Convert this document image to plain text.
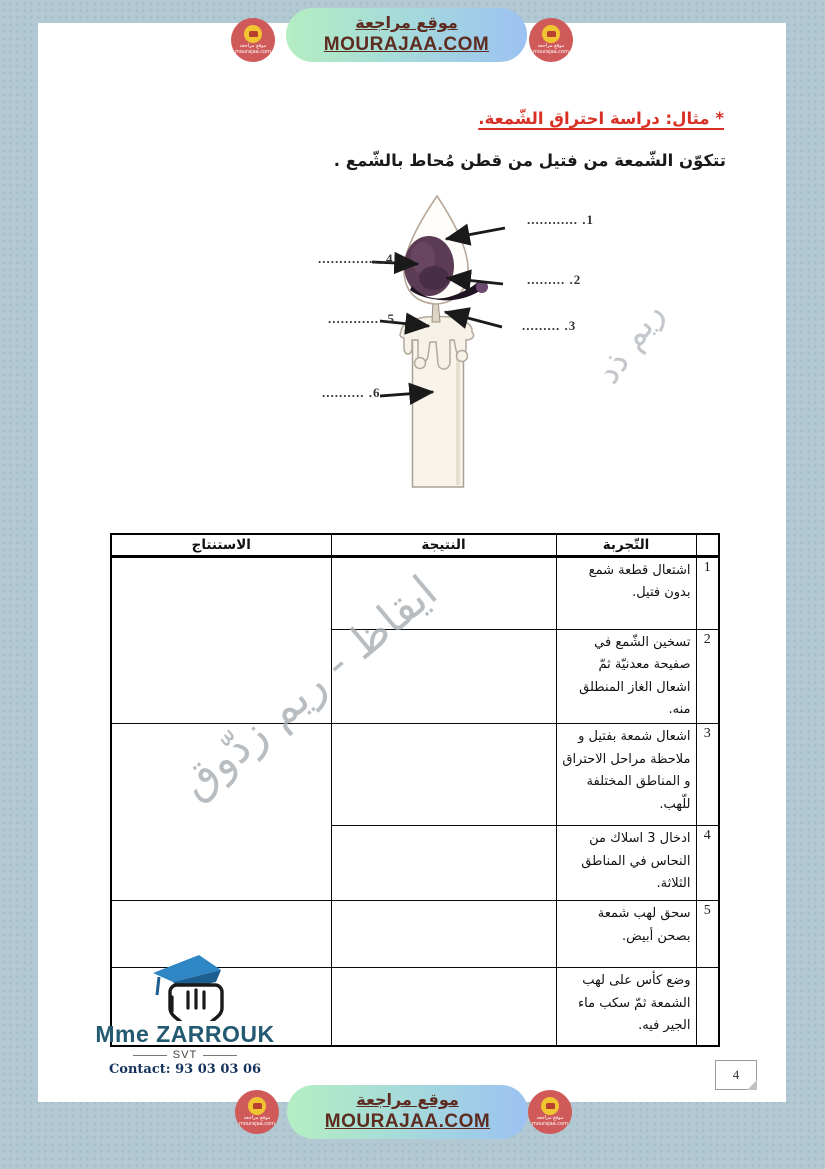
موقع مراجعة
mourajaa.com
موقع مراجعة
MOURAJAA.COM	موقع مراجعة
mourajaa.com
* مثال: دراسة احتراق الشّمعة.
تتكوّن الشّمعة من فتيل من قطن مُحاط بالشّمع .
1. ............
2. .........
3. .........
4. ..............
5. ............
6. ..........
	التّجربة	النتيجة	الاستنتاج
1	اشتعال قطعة شمع بدون فتيل.		
2	تسخين الشّمع في صفيحة معدنيّة ثمّ اشعال الغاز المنطلق منه.		
3	اشعال شمعة بفتيل و ملاحظة مراحل الاحتراق و المناطق المختلفة للّهب.		
4	ادخال 3 اسلاك من النحاس في المناطق الثلاثة.		
5	سحق لهب شمعة بصحن أبيض.		
	وضع كأس على لهب الشمعة ثمّ سكب ماء الجير فيه.		
ايقاظ - ريم زدّوق
ريم ذد
Mme ZARROUK
SVT
Contact: 93 03 03 06	4
موقع مراجعة
mourajaa.com
موقع مراجعة
MOURAJAA.COM	موقع مراجعة
mourajaa.com
